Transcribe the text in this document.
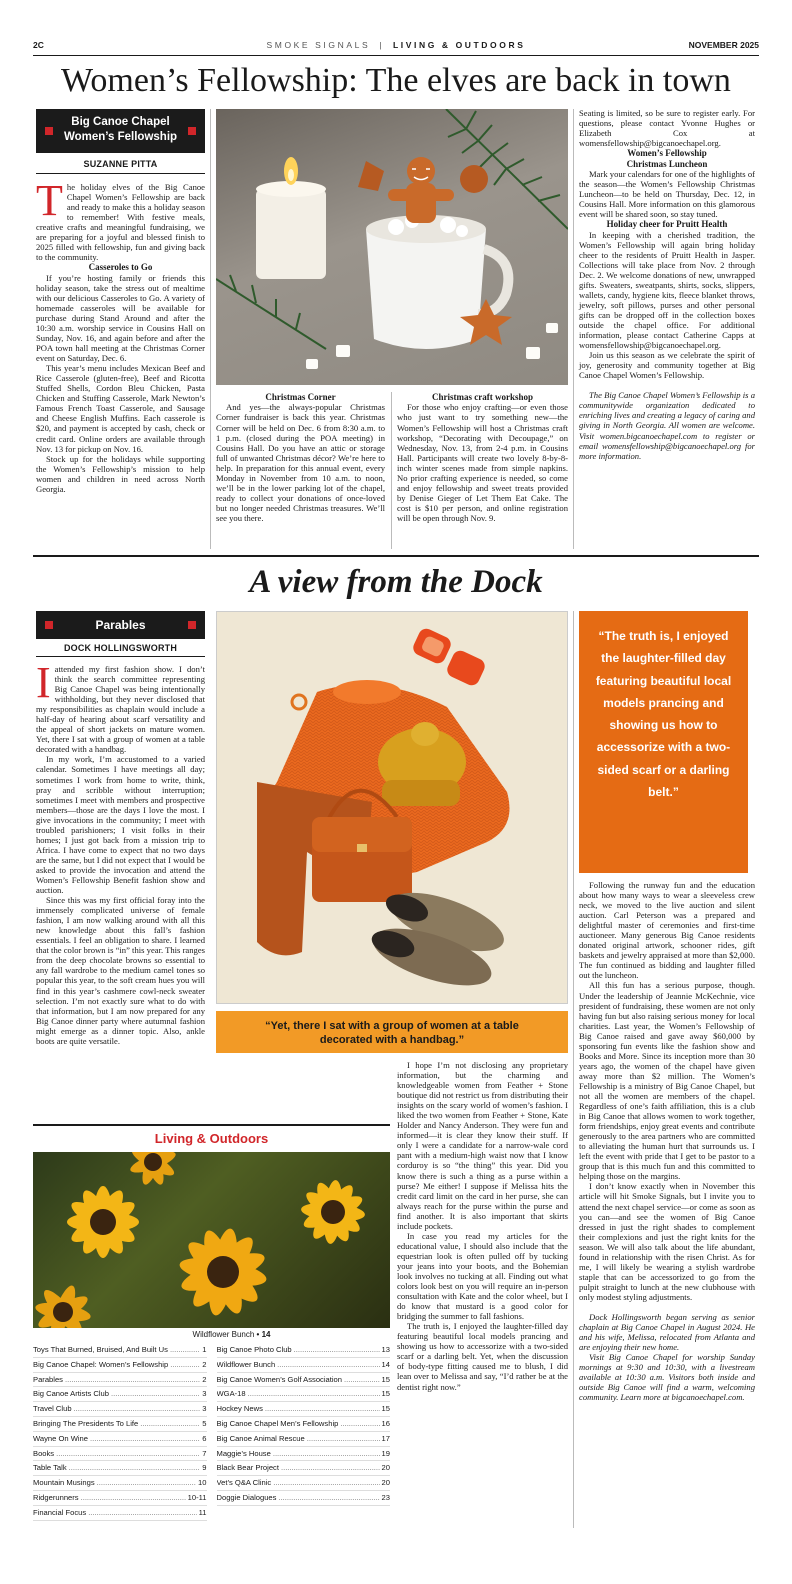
2C	SMOKE SIGNALS | LIVING & OUTDOORS	NOVEMBER 2025
Women’s Fellowship: The elves are back in town
Big Canoe Chapel
Women’s Fellowship
SUZANNE PITTA
The holiday elves of the Big Canoe Chapel Women’s Fellowship are back and ready to make this a holiday season to remember! With festive meals, creative crafts and meaningful fundraising, we are preparing for a joyful and blessed finish to 2025 filled with fellowship, fun and giving back to the community.
Casseroles to Go
If you’re hosting family or friends this holiday season, take the stress out of mealtime with our delicious Casseroles to Go. A variety of homemade casseroles will be available for purchase during Stand Around and after the 10:30 a.m. worship service in Cousins Hall on Sunday, Nov. 16, and again before and after the POA town hall meeting at the Christmas Corner event on Saturday, Dec. 6.
This year’s menu includes Mexican Beef and Rice Casserole (gluten-free), Beef and Ricotta Stuffed Shells, Cordon Bleu Chicken, Pasta Chicken and Stuffing Casserole, Mark Newton’s Famous French Toast Casserole, and Sausage and Cheese English Muffins. Each casserole is $20, and payment is accepted by cash, check or credit card. Online orders are available through Nov. 13 for pickup on Nov. 16.
Stock up for the holidays while supporting the Women’s Fellowship’s mission to help women and children in need across North Georgia.
Christmas Corner
And yes—the always-popular Christmas Corner fundraiser is back this year. Christmas Corner will be held on Dec. 6 from 8:30 a.m. to 1 p.m. (closed during the POA meeting) in Cousins Hall. Do you have an attic or storage full of unwanted Christmas décor? We’re here to help. In preparation for this annual event, every Monday in November from 10 a.m. to noon, we’ll be in the lower parking lot of the chapel, ready to collect your donations of once-loved but no longer needed Christmas treasures. We’ll see you there.
Christmas craft workshop
For those who enjoy crafting—or even those who just want to try something new—the Women’s Fellowship will host a Christmas craft workshop, “Decorating with Decoupage,” on Wednesday, Nov. 13, from 2-4 p.m. in Cousins Hall. Participants will create two lovely 8-by-8-inch winter scenes made from simple napkins. No prior crafting experience is needed, so come and enjoy fellowship and sweet treats provided by Denise Gieger of Let Them Eat Cake. The cost is $10 per person, and online registration will be open through Nov. 9.
Seating is limited, so be sure to register early. For questions, please contact Yvonne Hughes or Elizabeth Cox at womensfellowship@bigcanoechapel.org.
Women’s Fellowship
Christmas Luncheon
Mark your calendars for one of the highlights of the season—the Women’s Fellowship Christmas Luncheon—to be held on Thursday, Dec. 12, in Cousins Hall. More information on this glamorous event will be shared soon, so stay tuned.
Holiday cheer for Pruitt Health
In keeping with a cherished tradition, the Women’s Fellowship will again bring holiday cheer to the residents of Pruitt Health in Jasper. Collections will take place from Nov. 2 through Dec. 2. We welcome donations of new, unwrapped gifts. Sweaters, sweatpants, shirts, socks, slippers, wallets, candy, hygiene kits, fleece blanket throws, jewelry, soft pillows, purses and other personal gifts can be dropped off in the collection boxes outside the chapel office. For additional information, please contact Catherine Capps at womensfellowship@bigcanoechapel.org.
Join us this season as we celebrate the spirit of joy, generosity and community together at Big Canoe Chapel Women’s Fellowship.
The Big Canoe Chapel Women’s Fellowship is a communitywide organization dedicated to enriching lives and creating a legacy of caring and giving in North Georgia. All women are welcome. Visit women.bigcanoechapel.com to register or email womensfellowship@bigcanoechapel.org for more information.
A view from the Dock
Parables
DOCK HOLLINGSWORTH
Iattended my first fashion show. I don’t think the search committee representing Big Canoe Chapel was being intentionally withholding, but they never disclosed that my responsibilities as chaplain would include a half-day of hearing about scarf versatility and the appeal of short jackets on mature women. Yet, there I sat with a group of women at a table decorated with a handbag.
In my work, I’m accustomed to a varied calendar. Sometimes I have meetings all day; sometimes I work from home to write, think, pray and scribble without interruption; sometimes I meet with members and prospective members—those are the days I love the most. I give invocations in the community; I meet with troubled parishioners; I visit folks in their homes; I just got back from a mission trip to Africa. I have come to expect that no two days are the same, but I did not expect that I would be asked to provide the invocation and attend the Women’s Fellowship Benefit fashion show and auction.
Since this was my first official foray into the immensely complicated universe of female fashion, I am now walking around with all this new knowledge about this fall’s fashion essentials. I feel an obligation to share. I learned that the color brown is “in” this year. This ranges from the deep chocolate browns so essential to any fall wardrobe to the medium camel tones so popular this year, to the soft cream hues you will find in this year’s cashmere cowl-neck sweater selection. I’m not exactly sure what to do with that information, but I am now prepared for any Big Canoe dinner party where autumnal fashion might emerge as a dinner topic. Also, ankle boots are quite versatile.
“The truth is, I enjoyed the laughter-filled day featuring beautiful local models prancing and showing us how to accessorize with a two-sided scarf or a darling belt.”
“Yet, there I sat with a group of women at a table decorated with a handbag.”
Living & Outdoors
Wildflower Bunch • 14
Toys That Burned, Bruised, And Built Us .....	1
Big Canoe Chapel: Women’s Fellowship .....	2
Parables .....	2
Big Canoe Artists Club .....	3
Travel Club .....	3
Bringing The Presidents To Life .....	5
Wayne On Wine .....	6
Books .....	7
Table Talk .....	9
Mountain Musings .....	10
Ridgerunners .....	10-11
Financial Focus .....	11
Big Canoe Photo Club .....	13
Wildflower Bunch .....	14
Big Canoe Women’s Golf Association .....	15
WGA-18 .....	15
Hockey News .....	15
Big Canoe Chapel Men’s Fellowship .....	16
Big Canoe Animal Rescue .....	17
Maggie’s House .....	19
Black Bear Project .....	20
Vet’s Q&A Clinic .....	20
Doggie Dialogues .....	23
I hope I’m not disclosing any proprietary information, but the charming and knowledgeable women from Feather + Stone boutique did not restrict us from distributing their insights on the scary world of women’s fashion. I liked the two women from Feather + Stone, Kate Holder and Nancy Anderson. They were fun and informed—it is clear they know their stuff. If only I were a candidate for a narrow-wale cord pant with a medium-high waist now that I know corduroy is so “the thing” this year. Did you know there is such a thing as a purse within a purse? Me either! I suppose if Melissa hits the credit card limit on the card in her purse, she can always reach for the purse within the purse and find another. It is also important that skirts include pockets.
In case you read my articles for the educational value, I should also include that the equestrian look is often pulled off by tucking your jeans into your boots, and the Bohemian look involves no tucking at all. Finding out what colors look best on you will require an in-person consultation with Kate and the color wheel, but I do know that mustard is a good color for bridging the summer to fall fashions.
The truth is, I enjoyed the laughter-filled day featuring beautiful local models prancing and showing us how to accessorize with a two-sided scarf or a darling belt. Yet, when the discussion of body-type fitting caused me to blush, I did lean over to Melissa and say, “I’d rather be at the dentist right now.”
Following the runway fun and the education about how many ways to wear a sleeveless crew neck, we moved to the live auction and silent auction. Carl Peterson was a prepared and delightful master of ceremonies and first-time auctioneer. Many generous Big Canoe residents donated original artwork, schooner rides, gift baskets and jewelry appraised at more than $2,000. The fun continued as bidding and laughter filled out the luncheon.
All this fun has a serious purpose, though. Under the leadership of Jeannie McKechnie, vice president of fundraising, these women are not only having fun but also raising serious money for local charities. Last year, the Women’s Fellowship of Big Canoe raised and gave away $60,000 by sponsoring fun events like the fashion show and Books and More. Since its inception more than 30 years ago, the women of the chapel have given away more than $2 million. The Women’s Fellowship is a ministry of Big Canoe Chapel, but not all the women are members of the chapel. Regardless of one’s faith affiliation, this is a club in Big Canoe that allows women to work together, form friendships, enjoy great events and contribute generously to the area partners who are committed to alleviating the human hurt that surrounds us. I left the event with pride that I get to be pastor to a group that is this much fun and this committed to helping those on the margins.
I don’t know exactly when in November this article will hit Smoke Signals, but I invite you to attend the next chapel service—or come as soon as you can—and see the women of Big Canoe dressed in just the right shades to complement their complexions and just the right knits for the season. We will also talk about the life abundant, found in relationship with the risen Christ. As for me, I will likely be wearing a stylish wardrobe staple that can be accessorized to go from the pulpit straight to lunch at the new clubhouse with only modest styling adjustments.
Dock Hollingsworth began serving as senior chaplain at Big Canoe Chapel in August 2024. He and his wife, Melissa, relocated from Atlanta and are enjoying their new home.
Visit Big Canoe Chapel for worship Sunday mornings at 9:30 and 10:30, with a livestream available at 10:30 a.m. Visitors both inside and outside Big Canoe will find a warm, welcoming community. Learn more at bigcanoechapel.com.
